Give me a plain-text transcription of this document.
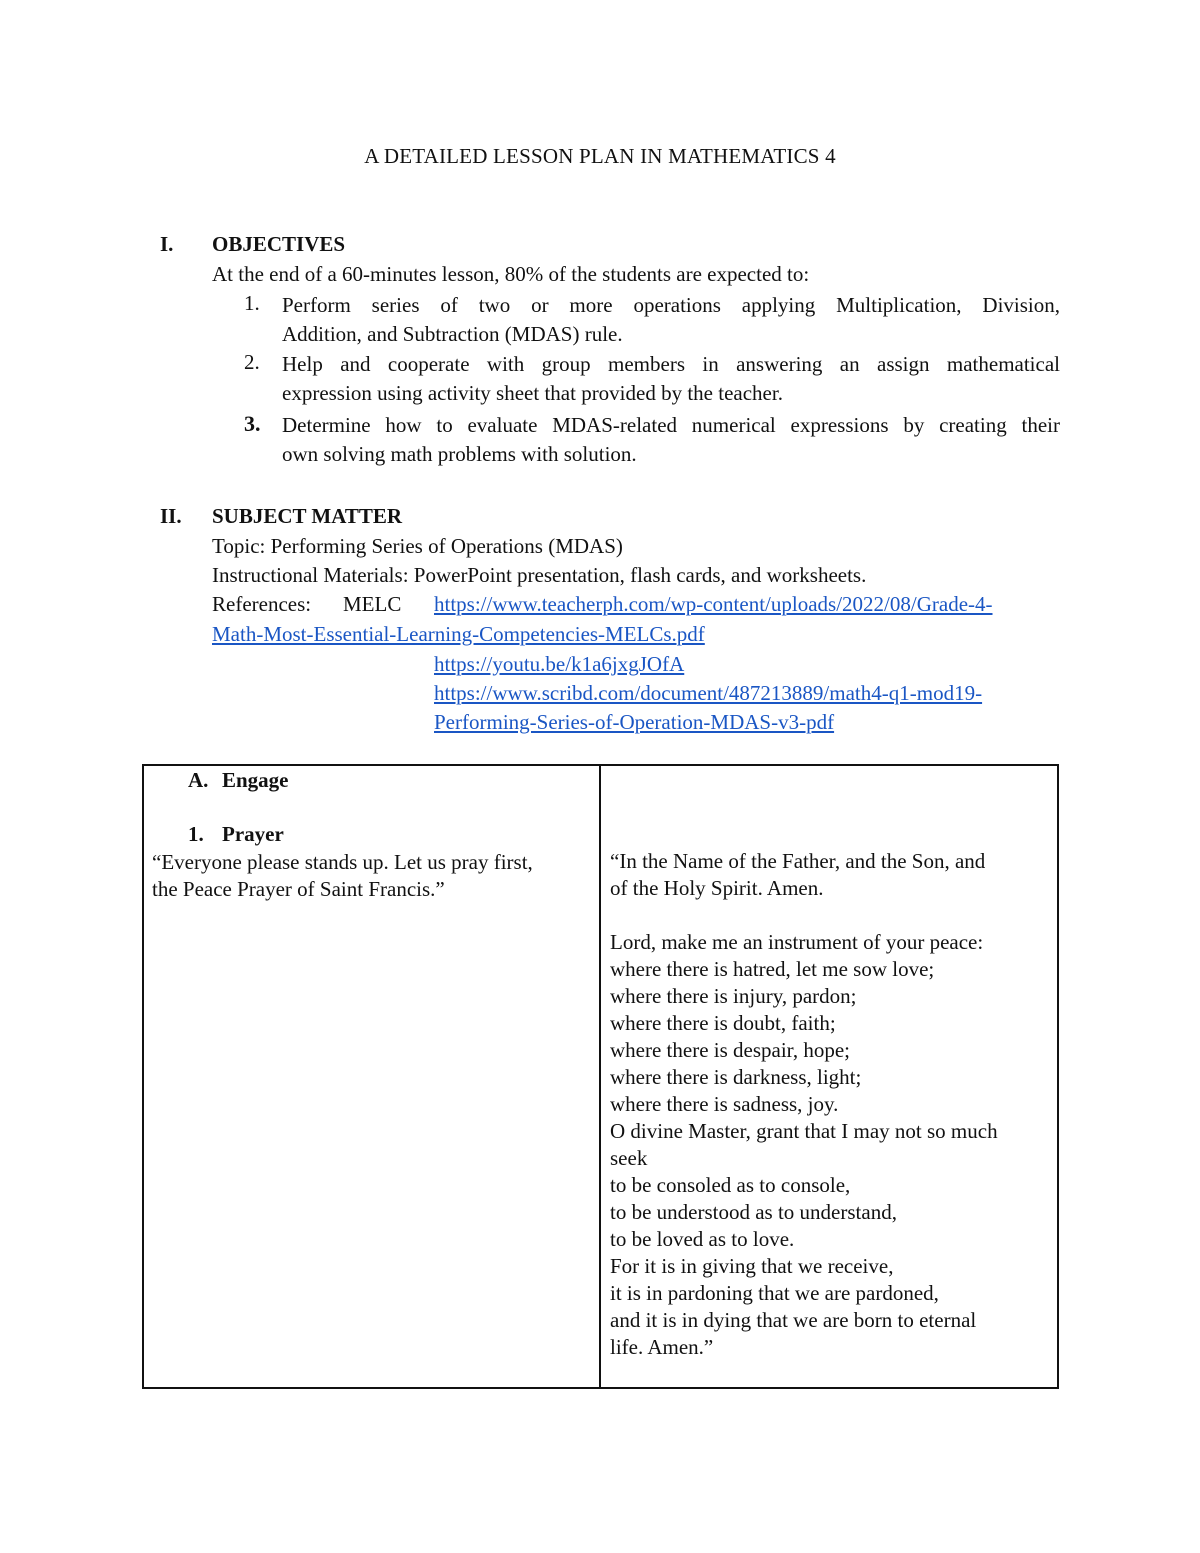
A DETAILED LESSON PLAN IN MATHEMATICS 4
I. OBJECTIVES
At the end of a 60-minutes lesson, 80% of the students are expected to:
1. Perform series of two or more operations applying Multiplication, Division,
Addition, and Subtraction (MDAS) rule.
2. Help and cooperate with group members in answering an assign mathematical
expression using activity sheet that provided by the teacher.
3. Determine how to evaluate MDAS-related numerical expressions by creating their
own solving math problems with solution.
II. SUBJECT MATTER
Topic: Performing Series of Operations (MDAS)
Instructional Materials: PowerPoint presentation, flash cards, and worksheets.
References: MELC https://www.teacherph.com/wp-content/uploads/2022/08/Grade-4-
Math-Most-Essential-Learning-Competencies-MELCs.pdf
https://youtu.be/k1a6jxgJOfA
https://www.scribd.com/document/487213889/math4-q1-mod19-
Performing-Series-of-Operation-MDAS-v3-pdf
A. Engage
1. Prayer
“Everyone please stands up. Let us pray first,
the Peace Prayer of Saint Francis.”
“In the Name of the Father, and the Son, and
of the Holy Spirit. Amen.
Lord, make me an instrument of your peace:
where there is hatred, let me sow love;
where there is injury, pardon;
where there is doubt, faith;
where there is despair, hope;
where there is darkness, light;
where there is sadness, joy.
O divine Master, grant that I may not so much
seek
to be consoled as to console,
to be understood as to understand,
to be loved as to love.
For it is in giving that we receive,
it is in pardoning that we are pardoned,
and it is in dying that we are born to eternal
life. Amen.”
